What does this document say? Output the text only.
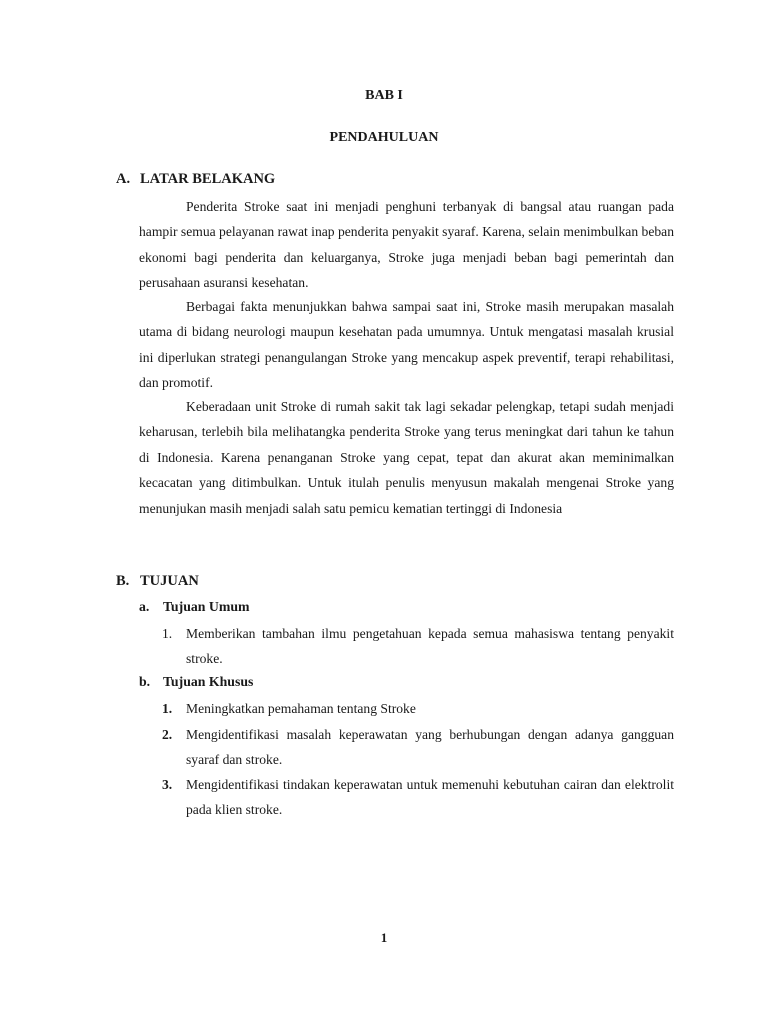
BAB I
PENDAHULUAN
A. LATAR BELAKANG

Penderita Stroke saat ini menjadi penghuni terbanyak di bangsal atau ruangan pada hampir semua pelayanan rawat inap penderita penyakit syaraf. Karena, selain menimbulkan beban ekonomi bagi penderita dan keluarganya, Stroke juga menjadi beban bagi pemerintah dan perusahaan asuransi kesehatan.

Berbagai fakta menunjukkan bahwa sampai saat ini, Stroke masih merupakan masalah utama di bidang neurologi maupun kesehatan pada umumnya. Untuk mengatasi masalah krusial ini diperlukan strategi penangulangan Stroke yang mencakup aspek preventif, terapi rehabilitasi, dan promotif.

Keberadaan unit Stroke di rumah sakit tak lagi sekadar pelengkap, tetapi sudah menjadi keharusan, terlebih bila melihatangka penderita Stroke yang terus meningkat dari tahun ke tahun di Indonesia. Karena penanganan Stroke yang cepat, tepat dan akurat akan meminimalkan kecacatan yang ditimbulkan. Untuk itulah penulis menyusun makalah mengenai Stroke yang menunjukan masih menjadi salah satu pemicu kematian tertinggi di Indonesia

B. TUJUAN
a. Tujuan Umum
1.	Memberikan tambahan ilmu pengetahuan kepada semua mahasiswa tentang penyakit stroke.
b. Tujuan Khusus
1.	Meningkatkan pemahaman tentang Stroke
2.	Mengidentifikasi masalah keperawatan yang berhubungan dengan adanya gangguan syaraf dan stroke.
3.	Mengidentifikasi tindakan keperawatan untuk memenuhi kebutuhan cairan dan elektrolit pada klien stroke.
1
